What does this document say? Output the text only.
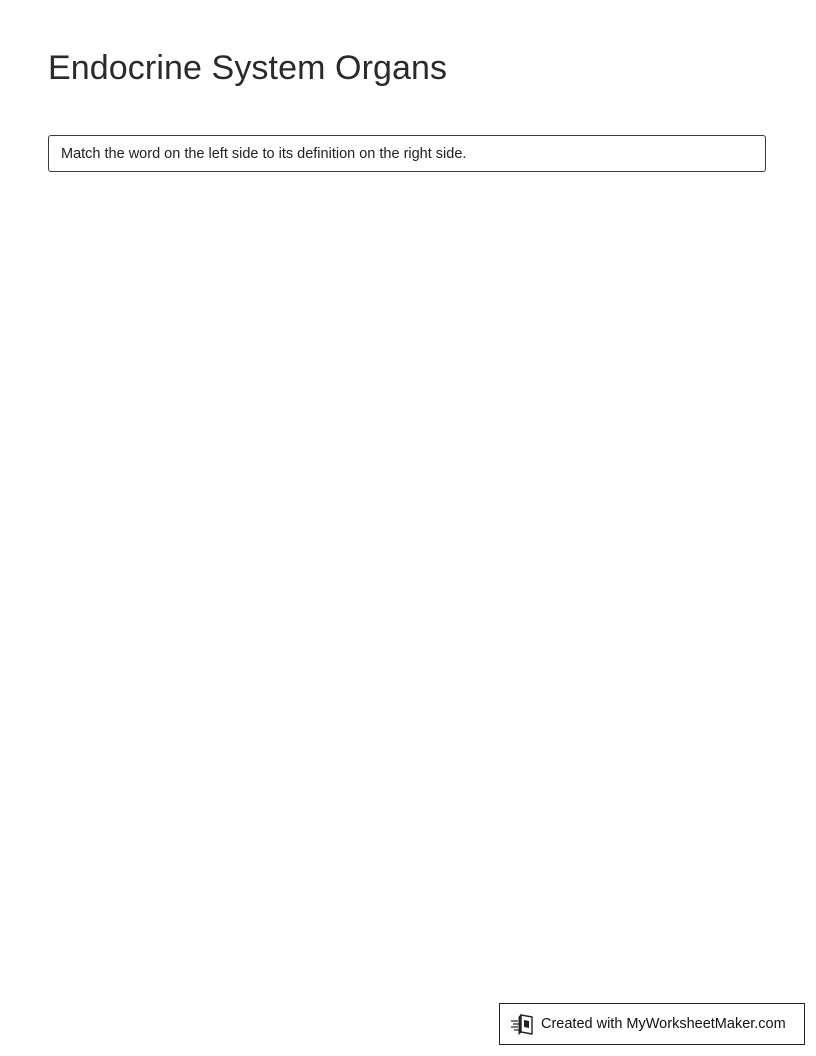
Endocrine System Organs
Match the word on the left side to its definition on the right side.
Created with MyWorksheetMaker.com
